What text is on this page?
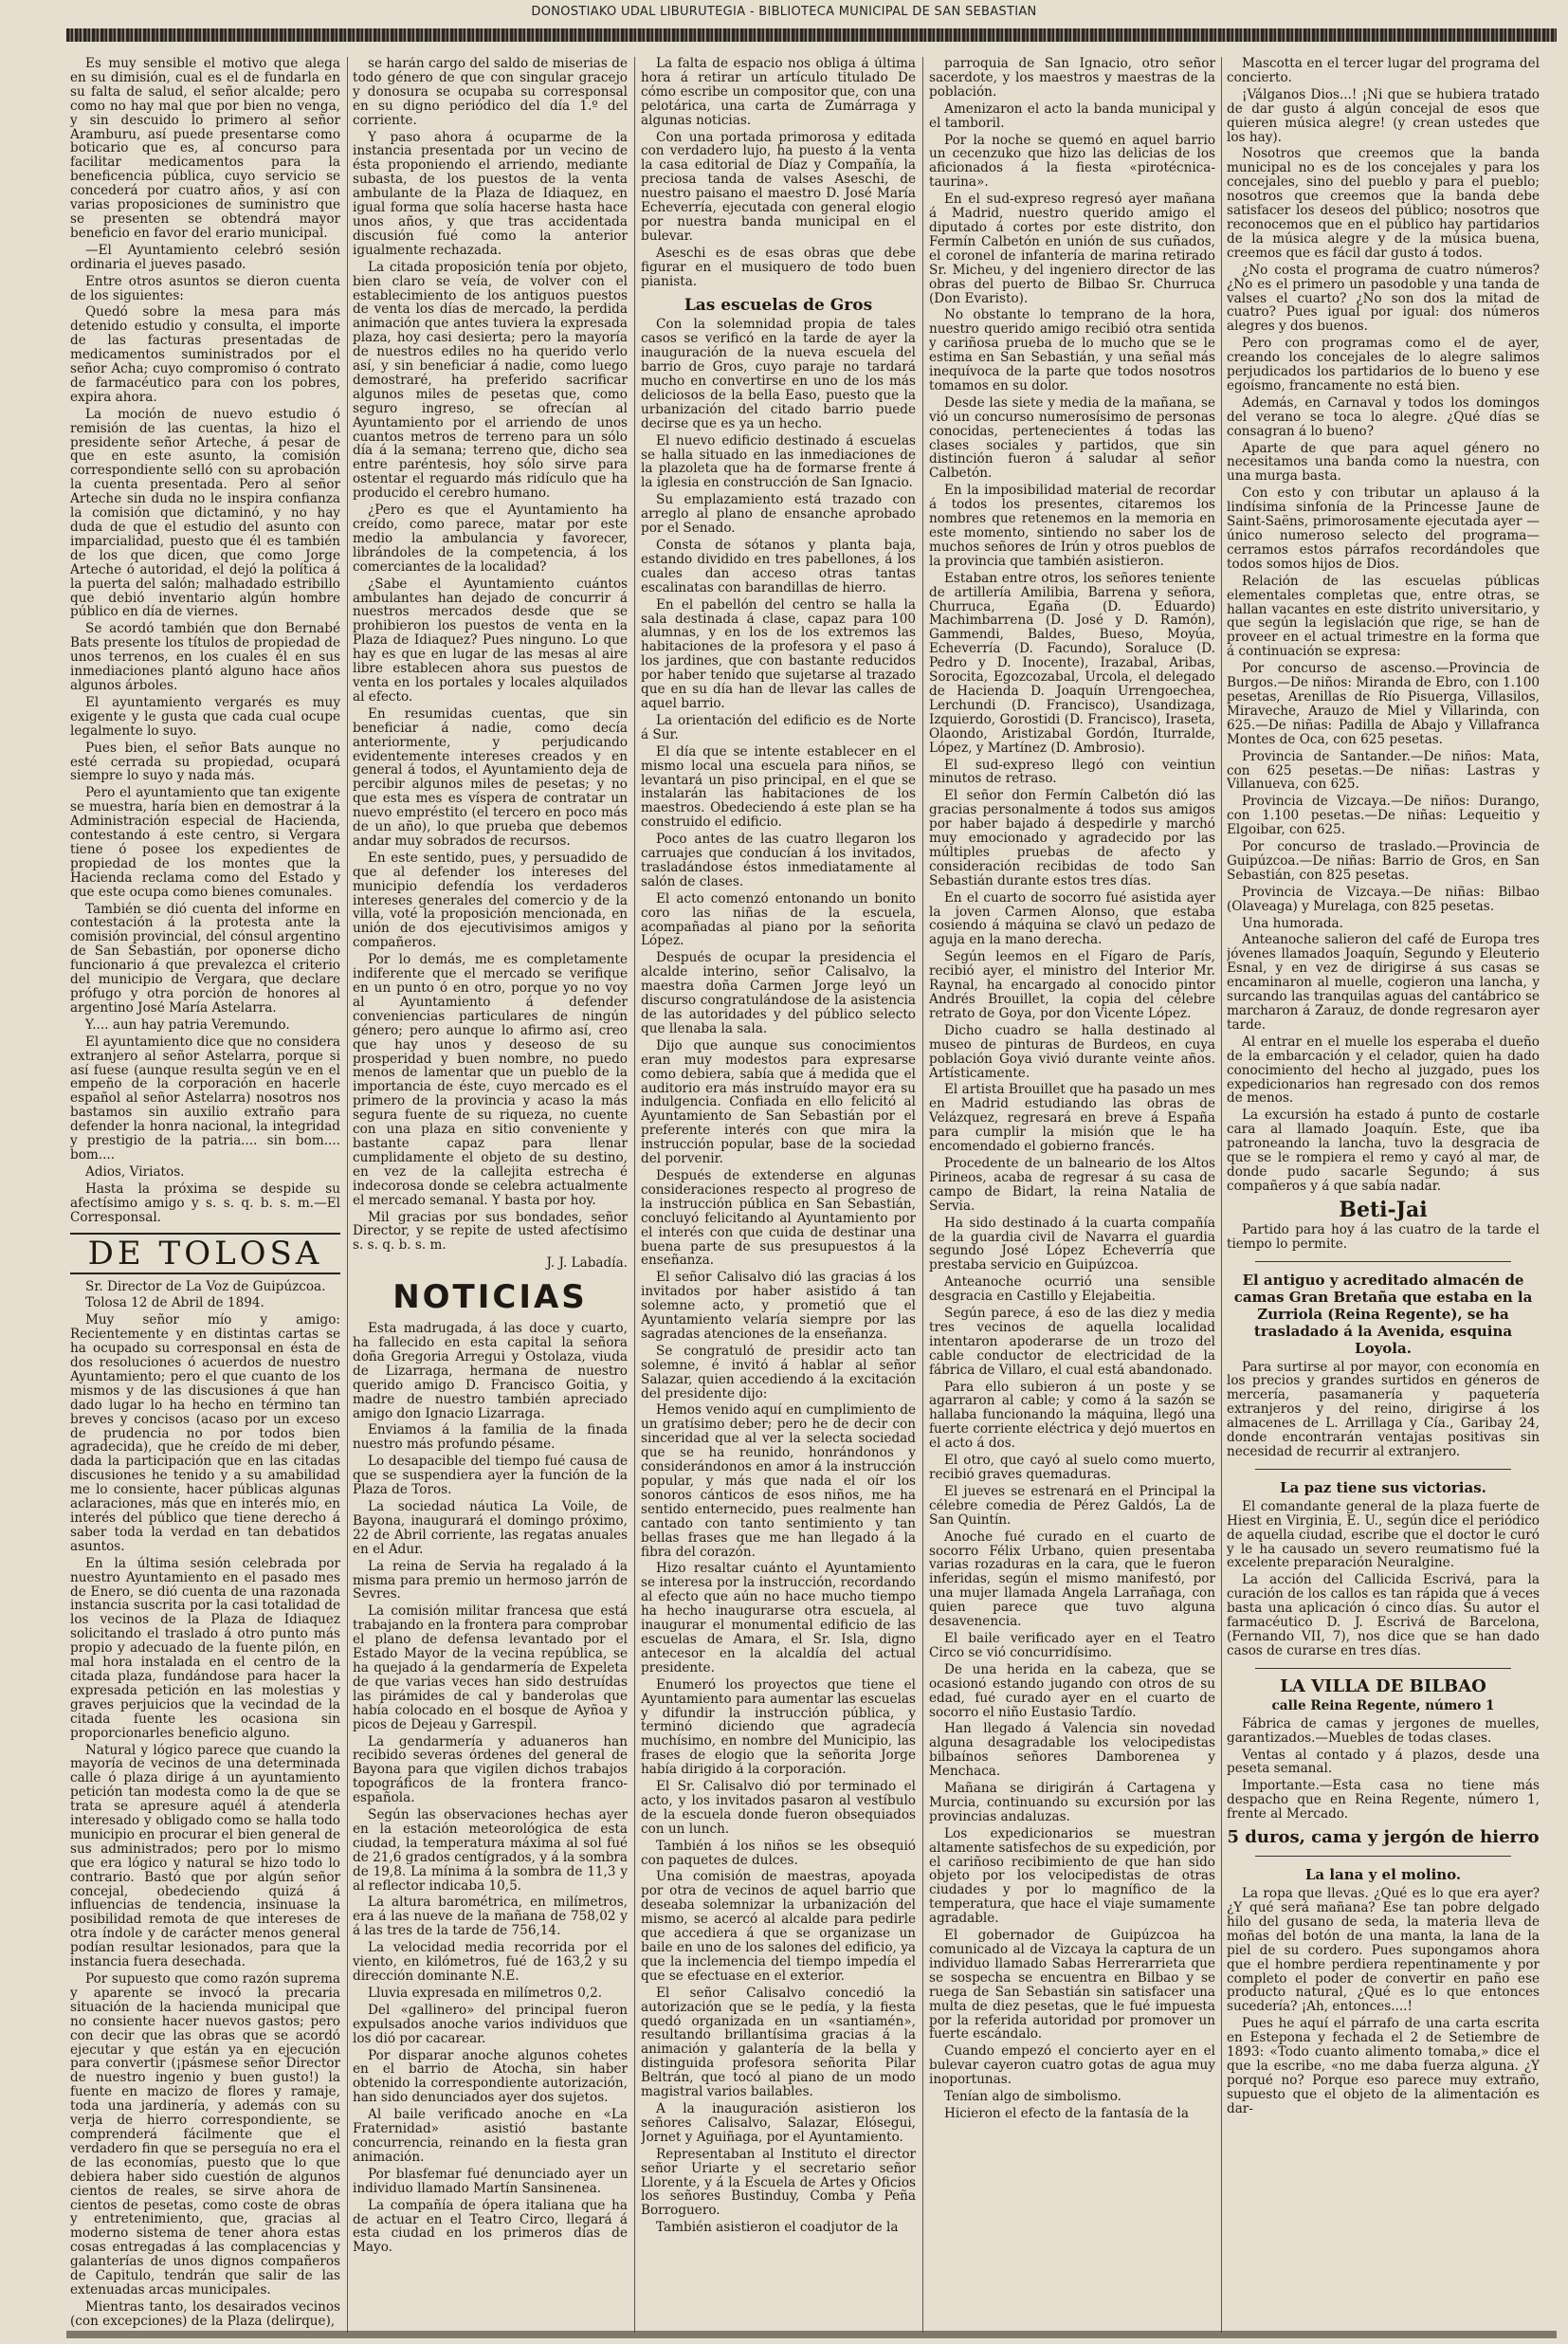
DONOSTIAKO UDAL LIBURUTEGIA - BIBLIOTECA MUNICIPAL DE SAN SEBASTIAN

Es muy sensible el motivo que alega en su dimisión, cual es el de fundarla en su falta de salud, el señor alcalde; pero como no hay mal que por bien no venga, y sin descuido lo primero al señor Aramburu, así puede presentarse como boticario que es, al concurso para facilitar medicamentos para la beneficencia pública, cuyo servicio se concederá por cuatro años, y así con varias proposiciones de suministro que se presenten se obtendrá mayor beneficio en favor del erario municipal.

—El Ayuntamiento celebró sesión ordinaria el jueves pasado.

Entre otros asuntos se dieron cuenta de los siguientes:

Quedó sobre la mesa para más detenido estudio y consulta, el importe de las facturas presentadas de medicamentos suministrados por el señor Acha; cuyo compromiso ó contrato de farmacéutico para con los pobres, expira ahora.

La moción de nuevo estudio ó remisión de las cuentas, la hizo el presidente señor Arteche, á pesar de que en este asunto, la comisión correspondiente selló con su aprobación la cuenta presentada. Pero al señor Arteche sin duda no le inspira confianza la comisión que dictaminó, y no hay duda de que el estudio del asunto con imparcialidad, puesto que él es también de los que dicen, que como Jorge Arteche ó autoridad, el dejó la política á la puerta del salón; malhadado estribillo que debió inventario algún hombre público en día de viernes.

Se acordó también que don Bernabé Bats presente los títulos de propiedad de unos terrenos, en los cuales él en sus inmediaciones plantó alguno hace años algunos árboles.

El ayuntamiento vergarés es muy exigente y le gusta que cada cual ocupe legalmente lo suyo.

Pues bien, el señor Bats aunque no esté cerrada su propiedad, ocupará siempre lo suyo y nada más.

Pero el ayuntamiento que tan exigente se muestra, haría bien en demostrar á la Administración especial de Hacienda, contestando á este centro, si Vergara tiene ó posee los expedientes de propiedad de los montes que la Hacienda reclama como del Estado y que este ocupa como bienes comunales.

También se dió cuenta del informe en contestación á la protesta ante la comisión provincial, del cónsul argentino de San Sebastián, por oponerse dicho funcionario á que prevalezca el criterio del municipio de Vergara, que declare prófugo y otra porción de honores al argentino José María Astelarra.

Y.... aun hay patria Veremundo.

El ayuntamiento dice que no considera extranjero al señor Astelarra, porque si así fuese (aunque resulta según ve en el empeño de la corporación en hacerle español al señor Astelarra) nosotros nos bastamos sin auxilio extraño para defender la honra nacional, la integridad y prestigio de la patria.... sin bom.... bom....

Adios, Viriatos.

Hasta la próxima se despide su afectísimo amigo y s. s. q. b. s. m.—El Corresponsal.

DE TOLOSA

Sr. Director de La Voz de Guipúzcoa.

Tolosa 12 de Abril de 1894.

Muy señor mío y amigo: Recientemente y en distintas cartas se ha ocupado su corresponsal en ésta de dos resoluciones ó acuerdos de nuestro Ayuntamiento; pero el que cuanto de los mismos y de las discusiones á que han dado lugar lo ha hecho en término tan breves y concisos (acaso por un exceso de prudencia no por todos bien agradecida), que he creído de mi deber, dada la participación que en las citadas discusiones he tenido y a su amabilidad me lo consiente, hacer públicas algunas aclaraciones, más que en interés mío, en interés del público que tiene derecho á saber toda la verdad en tan debatidos asuntos.

En la última sesión celebrada por nuestro Ayuntamiento en el pasado mes de Enero, se dió cuenta de una razonada instancia suscrita por la casi totalidad de los vecinos de la Plaza de Idiaquez solicitando el traslado á otro punto más propio y adecuado de la fuente pilón, en mal hora instalada en el centro de la citada plaza, fundándose para hacer la expresada petición en las molestias y graves perjuicios que la vecindad de la citada fuente les ocasiona sin proporcionarles beneficio alguno.

Natural y lógico parece que cuando la mayoría de vecinos de una determinada calle ó plaza dirige á un ayuntamiento petición tan modesta como la de que se trata se apresure aquél á atenderla interesado y obligado como se halla todo municipio en procurar el bien general de sus administrados; pero por lo mismo que era lógico y natural se hizo todo lo contrario. Bastó que por algún señor concejal, obedeciendo quizá á influencias de tendencia, insinuase la posibilidad remota de que intereses de otra índole y de carácter menos general podían resultar lesionados, para que la instancia fuera desechada.

Por supuesto que como razón suprema y aparente se invocó la precaria situación de la hacienda municipal que no consiente hacer nuevos gastos; pero con decir que las obras que se acordó ejecutar y que están ya en ejecución para convertir (¡pásmese señor Director de nuestro ingenio y buen gusto!) la fuente en macizo de flores y ramaje, toda una jardinería, y además con su verja de hierro correspondiente, se comprenderá fácilmente que el verdadero fin que se perseguía no era el de las economías, puesto que lo que debiera haber sido cuestión de algunos cientos de reales, se sirve ahora de cientos de pesetas, como coste de obras y entretenimiento, que, gracias al moderno sistema de tener ahora estas cosas entregadas á las complacencias y galanterías de unos dignos compañeros de Capitulo, tendrán que salir de las extenuadas arcas municipales.

Mientras tanto, los desairados vecinos (con excepciones) de la Plaza (delirque),

se harán cargo del saldo de miserias de todo género de que con singular gracejo y donosura se ocupaba su corresponsal en su digno periódico del día 1.º del corriente.

Y paso ahora á ocuparme de la instancia presentada por un vecino de ésta proponiendo el arriendo, mediante subasta, de los puestos de la venta ambulante de la Plaza de Idiaquez, en igual forma que solía hacerse hasta hace unos años, y que tras accidentada discusión fué como la anterior igualmente rechazada.

La citada proposición tenía por objeto, bien claro se veía, de volver con el establecimiento de los antiguos puestos de venta los días de mercado, la perdida animación que antes tuviera la expresada plaza, hoy casi desierta; pero la mayoría de nuestros ediles no ha querido verlo así, y sin beneficiar á nadie, como luego demostraré, ha preferido sacrificar algunos miles de pesetas que, como seguro ingreso, se ofrecían al Ayuntamiento por el arriendo de unos cuantos metros de terreno para un sólo día á la semana; terreno que, dicho sea entre paréntesis, hoy sólo sirve para ostentar el reguardo más ridículo que ha producido el cerebro humano.

¿Pero es que el Ayuntamiento ha creído, como parece, matar por este medio la ambulancia y favorecer, librándoles de la competencia, á los comerciantes de la localidad?

¿Sabe el Ayuntamiento cuántos ambulantes han dejado de concurrir á nuestros mercados desde que se prohibieron los puestos de venta en la Plaza de Idiaquez? Pues ninguno. Lo que hay es que en lugar de las mesas al aire libre establecen ahora sus puestos de venta en los portales y locales alquilados al efecto.

En resumidas cuentas, que sin beneficiar á nadie, como decía anteriormente, y perjudicando evidentemente intereses creados y en general á todos, el Ayuntamiento deja de percibir algunos miles de pesetas; y no que esta mes es víspera de contratar un nuevo empréstito (el tercero en poco más de un año), lo que prueba que debemos andar muy sobrados de recursos.

En este sentido, pues, y persuadido de que al defender los intereses del municipio defendía los verdaderos intereses generales del comercio y de la villa, voté la proposición mencionada, en unión de dos ejecutivisimos amigos y compañeros.

Por lo demás, me es completamente indiferente que el mercado se verifique en un punto ó en otro, porque yo no voy al Ayuntamiento á defender conveniencias particulares de ningún género; pero aunque lo afirmo así, creo que hay unos y deseoso de su prosperidad y buen nombre, no puedo menos de lamentar que un pueblo de la importancia de éste, cuyo mercado es el primero de la provincia y acaso la más segura fuente de su riqueza, no cuente con una plaza en sitio conveniente y bastante capaz para llenar cumplidamente el objeto de su destino, en vez de la callejita estrecha é indecorosa donde se celebra actualmente el mercado semanal. Y basta por hoy.

Mil gracias por sus bondades, señor Director, y se repite de usted afectísimo s. s. q. b. s. m.

J. J. Labadía.
NOTICIAS

Esta madrugada, á las doce y cuarto, ha fallecido en esta capital la señora doña Gregoria Arregui y Ostolaza, viuda de Lizarraga, hermana de nuestro querido amigo D. Francisco Goitia, y madre de nuestro también apreciado amigo don Ignacio Lizarraga.

Enviamos á la familia de la finada nuestro más profundo pésame.

Lo desapacible del tiempo fué causa de que se suspendiera ayer la función de la Plaza de Toros.

La sociedad náutica La Voile, de Bayona, inaugurará el domingo próximo, 22 de Abril corriente, las regatas anuales en el Adur.

La reina de Servia ha regalado á la misma para premio un hermoso jarrón de Sevres.

La comisión militar francesa que está trabajando en la frontera para comprobar el plano de defensa levantado por el Estado Mayor de la vecina república, se ha quejado á la gendarmería de Expeleta de que varias veces han sido destruídas las pirámides de cal y banderolas que había colocado en el bosque de Ayñoa y picos de Dejeau y Garrespil.

La gendarmería y aduaneros han recibido severas órdenes del general de Bayona para que vigilen dichos trabajos topográficos de la frontera franco-española.

Según las observaciones hechas ayer en la estación meteorológica de esta ciudad, la temperatura máxima al sol fué de 21,6 grados centígrados, y á la sombra de 19,8. La mínima á la sombra de 11,3 y al reflector indicaba 10,5.

La altura barométrica, en milímetros, era á las nueve de la mañana de 758,02 y á las tres de la tarde de 756,14.

La velocidad media recorrida por el viento, en kilómetros, fué de 163,2 y su dirección dominante N.E.

Lluvia expresada en milímetros 0,2.

Del «gallinero» del principal fueron expulsados anoche varios individuos que los dió por cacarear.

Por disparar anoche algunos cohetes en el barrio de Atocha, sin haber obtenido la correspondiente autorización, han sido denunciados ayer dos sujetos.

Al baile verificado anoche en «La Fraternidad» asistió bastante concurrencia, reinando en la fiesta gran animación.

Por blasfemar fué denunciado ayer un individuo llamado Martín Sansinenea.

La compañía de ópera italiana que ha de actuar en el Teatro Circo, llegará á esta ciudad en los primeros días de Mayo.

La falta de espacio nos obliga á última hora á retirar un artículo titulado De cómo escribe un compositor que, con una pelotárica, una carta de Zumárraga y algunas noticias.

Con una portada primorosa y editada con verdadero lujo, ha puesto á la venta la casa editorial de Díaz y Compañía, la preciosa tanda de valses Aseschi, de nuestro paisano el maestro D. José María Echeverría, ejecutada con general elogio por nuestra banda municipal en el bulevar.

Aseschi es de esas obras que debe figurar en el musiquero de todo buen pianista.

Las escuelas de Gros

Con la solemnidad propia de tales casos se verificó en la tarde de ayer la inauguración de la nueva escuela del barrio de Gros, cuyo paraje no tardará mucho en convertirse en uno de los más deliciosos de la bella Easo, puesto que la urbanización del citado barrio puede decirse que es ya un hecho.

El nuevo edificio destinado á escuelas se halla situado en las inmediaciones de la plazoleta que ha de formarse frente á la iglesia en construcción de San Ignacio.

Su emplazamiento está trazado con arreglo al plano de ensanche aprobado por el Senado.

Consta de sótanos y planta baja, estando dividido en tres pabellones, á los cuales dan acceso otras tantas escalinatas con barandillas de hierro.

En el pabellón del centro se halla la sala destinada á clase, capaz para 100 alumnas, y en los de los extremos las habitaciones de la profesora y el paso á los jardines, que con bastante reducidos por haber tenido que sujetarse al trazado que en su día han de llevar las calles de aquel barrio.

La orientación del edificio es de Norte á Sur.

El día que se intente establecer en el mismo local una escuela para niños, se levantará un piso principal, en el que se instalarán las habitaciones de los maestros. Obedeciendo á este plan se ha construido el edificio.

Poco antes de las cuatro llegaron los carruajes que conducían á los invitados, trasladándose éstos inmediatamente al salón de clases.

El acto comenzó entonando un bonito coro las niñas de la escuela, acompañadas al piano por la señorita López.

Después de ocupar la presidencia el alcalde interino, señor Calisalvo, la maestra doña Carmen Jorge leyó un discurso congratulándose de la asistencia de las autoridades y del público selecto que llenaba la sala.

Dijo que aunque sus conocimientos eran muy modestos para expresarse como debiera, sabía que á medida que el auditorio era más instruído mayor era su indulgencia. Confiada en ello felicitó al Ayuntamiento de San Sebastián por el preferente interés con que mira la instrucción popular, base de la sociedad del porvenir.

Después de extenderse en algunas consideraciones respecto al progreso de la instrucción pública en San Sebastián, concluyó felicitando al Ayuntamiento por el interés con que cuida de destinar una buena parte de sus presupuestos á la enseñanza.

El señor Calisalvo dió las gracias á los invitados por haber asistido á tan solemne acto, y prometió que el Ayuntamiento velaría siempre por las sagradas atenciones de la enseñanza.

Se congratuló de presidir acto tan solemne, é invitó á hablar al señor Salazar, quien accediendo á la excitación del presidente dijo:

Hemos venido aquí en cumplimiento de un gratísimo deber; pero he de decir con sinceridad que al ver la selecta sociedad que se ha reunido, honrándonos y considerándonos en amor á la instrucción popular, y más que nada el oír los sonoros cánticos de esos niños, me ha sentido enternecido, pues realmente han cantado con tanto sentimiento y tan bellas frases que me han llegado á la fibra del corazón.

Hizo resaltar cuánto el Ayuntamiento se interesa por la instrucción, recordando al efecto que aún no hace mucho tiempo ha hecho inaugurarse otra escuela, al inaugurar el monumental edificio de las escuelas de Amara, el Sr. Isla, digno antecesor en la alcaldía del actual presidente.

Enumeró los proyectos que tiene el Ayuntamiento para aumentar las escuelas y difundir la instrucción pública, y terminó diciendo que agradecía muchísimo, en nombre del Municipio, las frases de elogio que la señorita Jorge había dirigido á la corporación.

El Sr. Calisalvo dió por terminado el acto, y los invitados pasaron al vestíbulo de la escuela donde fueron obsequiados con un lunch.

También á los niños se les obsequió con paquetes de dulces.

Una comisión de maestras, apoyada por otra de vecinos de aquel barrio que deseaba solemnizar la urbanización del mismo, se acercó al alcalde para pedirle que accediera á que se organizase un baile en uno de los salones del edificio, ya que la inclemencia del tiempo impedía el que se efectuase en el exterior.

El señor Calisalvo concedió la autorización que se le pedía, y la fiesta quedó organizada en un «santiamén», resultando brillantísima gracias á la animación y galantería de la bella y distinguida profesora señorita Pilar Beltrán, que tocó al piano de un modo magistral varios bailables.

A la inauguración asistieron los señores Calisalvo, Salazar, Elósegui, Jornet y Aguiñaga, por el Ayuntamiento.

Representaban al Instituto el director señor Uriarte y el secretario señor Llorente, y á la Escuela de Artes y Oficios los señores Bustinduy, Comba y Peña Borroguero.

También asistieron el coadjutor de la

parroquia de San Ignacio, otro señor sacerdote, y los maestros y maestras de la población.

Amenizaron el acto la banda municipal y el tamboril.

Por la noche se quemó en aquel barrio un cecenzuko que hizo las delicias de los aficionados á la fiesta «pirotécnica-taurina».

En el sud-expreso regresó ayer mañana á Madrid, nuestro querido amigo el diputado á cortes por este distrito, don Fermín Calbetón en unión de sus cuñados, el coronel de infantería de marina retirado Sr. Micheu, y del ingeniero director de las obras del puerto de Bilbao Sr. Churruca (Don Evaristo).

No obstante lo temprano de la hora, nuestro querido amigo recibió otra sentida y cariñosa prueba de lo mucho que se le estima en San Sebastián, y una señal más inequívoca de la parte que todos nosotros tomamos en su dolor.

Desde las siete y media de la mañana, se vió un concurso numerosísimo de personas conocidas, pertenecientes á todas las clases sociales y partidos, que sin distinción fueron á saludar al señor Calbetón.

En la imposibilidad material de recordar á todos los presentes, citaremos los nombres que retenemos en la memoria en este momento, sintiendo no saber los de muchos señores de Irún y otros pueblos de la provincia que también asistieron.

Estaban entre otros, los señores teniente de artillería Amilibia, Barrena y señora, Churruca, Egaña (D. Eduardo) Machimbarrena (D. José y D. Ramón), Gammendi, Baldes, Bueso, Moyúa, Echeverría (D. Facundo), Soraluce (D. Pedro y D. Inocente), Irazabal, Aribas, Sorocita, Egozcozabal, Urcola, el delegado de Hacienda D. Joaquín Urrengoechea, Lerchundi (D. Francisco), Usandizaga, Izquierdo, Gorostidi (D. Francisco), Iraseta, Olaondo, Aristizabal Gordón, Iturralde, López, y Martínez (D. Ambrosio).

El sud-expreso llegó con veintiun minutos de retraso.

El señor don Fermín Calbetón dió las gracias personalmente á todos sus amigos por haber bajado á despedirle y marchó muy emocionado y agradecido por las múltiples pruebas de afecto y consideración recibidas de todo San Sebastián durante estos tres días.

En el cuarto de socorro fué asistida ayer la joven Carmen Alonso, que estaba cosiendo á máquina se clavó un pedazo de aguja en la mano derecha.

Según leemos en el Fígaro de París, recibió ayer, el ministro del Interior Mr. Raynal, ha encargado al conocido pintor Andrés Brouillet, la copia del célebre retrato de Goya, por don Vicente López.

Dicho cuadro se halla destinado al museo de pinturas de Burdeos, en cuya población Goya vivió durante veinte años. Artísticamente.

El artista Brouillet que ha pasado un mes en Madrid estudiando las obras de Velázquez, regresará en breve á España para cumplir la misión que le ha encomendado el gobierno francés.

Procedente de un balneario de los Altos Pirineos, acaba de regresar á su casa de campo de Bidart, la reina Natalia de Servia.

Ha sido destinado á la cuarta compañía de la guardia civil de Navarra el guardia segundo José López Echeverría que prestaba servicio en Guipúzcoa.

Anteanoche ocurrió una sensible desgracia en Castillo y Elejabeitia.

Según parece, á eso de las diez y media tres vecinos de aquella localidad intentaron apoderarse de un trozo del cable conductor de electricidad de la fábrica de Villaro, el cual está abandonado.

Para ello subieron á un poste y se agarraron al cable; y como á la sazón se hallaba funcionando la máquina, llegó una fuerte corriente eléctrica y dejó muertos en el acto á dos.

El otro, que cayó al suelo como muerto, recibió graves quemaduras.

El jueves se estrenará en el Principal la célebre comedia de Pérez Galdós, La de San Quintín.

Anoche fué curado en el cuarto de socorro Félix Urbano, quien presentaba varias rozaduras en la cara, que le fueron inferidas, según el mismo manifestó, por una mujer llamada Angela Larrañaga, con quien parece que tuvo alguna desavenencia.

El baile verificado ayer en el Teatro Circo se vió concurridísimo.

De una herida en la cabeza, que se ocasionó estando jugando con otros de su edad, fué curado ayer en el cuarto de socorro el niño Eustasio Tardío.

Han llegado á Valencia sin novedad alguna desagradable los velocipedistas bilbaínos señores Damborenea y Menchaca.

Mañana se dirigirán á Cartagena y Murcia, continuando su excursión por las provincias andaluzas.

Los expedicionarios se muestran altamente satisfechos de su expedición, por el cariñoso recibimiento de que han sido objeto por los velocipedistas de otras ciudades y por lo magnífico de la temperatura, que hace el viaje sumamente agradable.

El gobernador de Guipúzcoa ha comunicado al de Vizcaya la captura de un individuo llamado Sabas Herrerarrieta que se sospecha se encuentra en Bilbao y se ruega de San Sebastián sin satisfacer una multa de diez pesetas, que le fué impuesta por la referida autoridad por promover un fuerte escándalo.

Cuando empezó el concierto ayer en el bulevar cayeron cuatro gotas de agua muy inoportunas.

Tenían algo de simbolismo.

Hicieron el efecto de la fantasía de la

Mascotta en el tercer lugar del programa del concierto.

¡Válganos Dios...! ¡Ni que se hubiera tratado de dar gusto á algún concejal de esos que quieren música alegre! (y crean ustedes que los hay).

Nosotros que creemos que la banda municipal no es de los concejales y para los concejales, sino del pueblo y para el pueblo; nosotros que creemos que la banda debe satisfacer los deseos del público; nosotros que reconocemos que en el público hay partidarios de la música alegre y de la música buena, creemos que es fácil dar gusto á todos.

¿No costa el programa de cuatro números? ¿No es el primero un pasodoble y una tanda de valses el cuarto? ¿No son dos la mitad de cuatro? Pues igual por igual: dos números alegres y dos buenos.

Pero con programas como el de ayer, creando los concejales de lo alegre salimos perjudicados los partidarios de lo bueno y ese egoísmo, francamente no está bien.

Además, en Carnaval y todos los domingos del verano se toca lo alegre. ¿Qué días se consagran á lo bueno?

Aparte de que para aquel género no necesitamos una banda como la nuestra, con una murga basta.

Con esto y con tributar un aplauso á la lindísima sinfonía de la Princesse Jaune de Saint-Saëns, primorosamente ejecutada ayer —único numeroso selecto del programa— cerramos estos párrafos recordándoles que todos somos hijos de Dios.

Relación de las escuelas públicas elementales completas que, entre otras, se hallan vacantes en este distrito universitario, y que según la legislación que rige, se han de proveer en el actual trimestre en la forma que á continuación se expresa:

Por concurso de ascenso.—Provincia de Burgos.—De niños: Miranda de Ebro, con 1.100 pesetas, Arenillas de Río Pisuerga, Villasilos, Miraveche, Arauzo de Miel y Villarinda, con 625.—De niñas: Padilla de Abajo y Villafranca Montes de Oca, con 625 pesetas.

Provincia de Santander.—De niños: Mata, con 625 pesetas.—De niñas: Lastras y Villanueva, con 625.

Provincia de Vizcaya.—De niños: Durango, con 1.100 pesetas.—De niñas: Lequeitio y Elgoibar, con 625.

Por concurso de traslado.—Provincia de Guipúzcoa.—De niñas: Barrio de Gros, en San Sebastián, con 825 pesetas.

Provincia de Vizcaya.—De niñas: Bilbao (Olaveaga) y Murelaga, con 825 pesetas.

Una humorada.

Anteanoche salieron del café de Europa tres jóvenes llamados Joaquín, Segundo y Eleuterio Esnal, y en vez de dirigirse á sus casas se encaminaron al muelle, cogieron una lancha, y surcando las tranquilas aguas del cantábrico se marcharon á Zarauz, de donde regresaron ayer tarde.

Al entrar en el muelle los esperaba el dueño de la embarcación y el celador, quien ha dado conocimiento del hecho al juzgado, pues los expedicionarios han regresado con dos remos de menos.

La excursión ha estado á punto de costarle cara al llamado Joaquín. Este, que iba patroneando la lancha, tuvo la desgracia de que se le rompiera el remo y cayó al mar, de donde pudo sacarle Segundo; á sus compañeros y á que sabía nadar.

Beti-Jai

Partido para hoy á las cuatro de la tarde el tiempo lo permite.

El antiguo y acreditado almacén de camas Gran Bretaña que estaba en la Zurriola (Reina Regente), se ha trasladado á la Avenida, esquina Loyola.

Para surtirse al por mayor, con economía en los precios y grandes surtidos en géneros de mercería, pasamanería y paquetería extranjeros y del reino, dirigirse á los almacenes de L. Arrillaga y Cía., Garibay 24, donde encontrarán ventajas positivas sin necesidad de recurrir al extranjero.

La paz tiene sus victorias.

El comandante general de la plaza fuerte de Hiest en Virginia, E. U., según dice el periódico de aquella ciudad, escribe que el doctor le curó y le ha causado un severo reumatismo fué la excelente preparación Neuralgine.

La acción del Callicida Escrivá, para la curación de los callos es tan rápida que á veces basta una aplicación ó cinco días. Su autor el farmacéutico D. J. Escrivá de Barcelona, (Fernando VII, 7), nos dice que se han dado casos de curarse en tres días.

LA VILLA DE BILBAO
calle Reina Regente, número 1

Fábrica de camas y jergones de muelles, garantizados.—Muebles de todas clases.

Ventas al contado y á plazos, desde una peseta semanal.

Importante.—Esta casa no tiene más despacho que en Reina Regente, número 1, frente al Mercado.

5 duros, cama y jergón de hierro
La lana y el molino.

La ropa que llevas. ¿Qué es lo que era ayer? ¿Y qué será mañana? Ese tan pobre delgado hilo del gusano de seda, la materia lleva de moñas del botón de una manta, la lana de la piel de su cordero. Pues supongamos ahora que el hombre perdiera repentinamente y por completo el poder de convertir en paño ese producto natural, ¿Qué es lo que entonces sucedería? ¡Ah, entonces....!

Pues he aquí el párrafo de una carta escrita en Estepona y fechada el 2 de Setiembre de 1893: «Todo cuanto alimento tomaba,» dice el que la escribe, «no me daba fuerza alguna. ¿Y porqué no? Porque eso parece muy extraño, supuesto que el objeto de la alimentación es dar-
